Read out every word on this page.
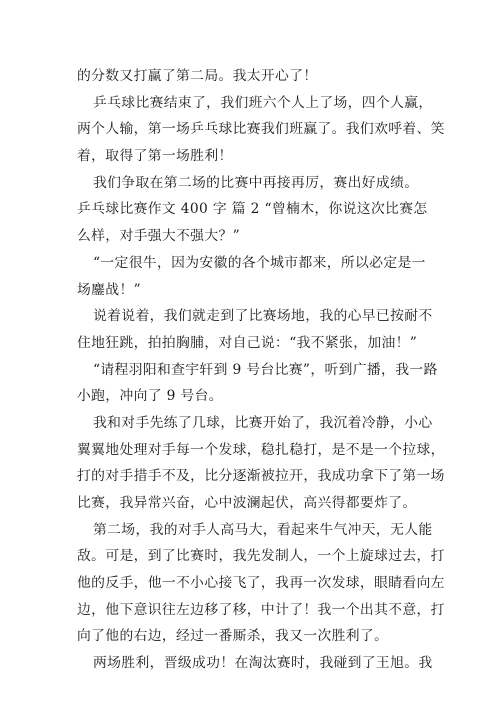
的分数又打赢了第二局。我太开心了！
乒乓球比赛结束了，我们班六个人上了场，四个人赢，
两个人输，第一场乒乓球比赛我们班赢了。我们欢呼着、笑
着，取得了第一场胜利！
我们争取在第二场的比赛中再接再厉，赛出好成绩。
乒乓球比赛作文 400 字 篇 2 “曾楠木，你说这次比赛怎
么样，对手强大不强大？”
“一定很牛，因为安徽的各个城市都来，所以必定是一
场鏖战！”
说着说着，我们就走到了比赛场地，我的心早已按耐不
住地狂跳，拍拍胸脯，对自己说：“我不紧张，加油！”
“请程羽阳和查宇轩到 9 号台比赛”，听到广播，我一路
小跑，冲向了 9 号台。
我和对手先练了几球，比赛开始了，我沉着冷静，小心
翼翼地处理对手每一个发球，稳扎稳打，是不是一个拉球，
打的对手措手不及，比分逐渐被拉开，我成功拿下了第一场
比赛，我异常兴奋，心中波澜起伏，高兴得都要炸了。
第二场，我的对手人高马大，看起来牛气冲天，无人能
敌。可是，到了比赛时，我先发制人，一个上旋球过去，打
他的反手，他一不小心接飞了，我再一次发球，眼睛看向左
边，他下意识往左边移了移，中计了！我一个出其不意，打
向了他的右边，经过一番厮杀，我又一次胜利了。
两场胜利，晋级成功！在淘汰赛时，我碰到了王旭。我
